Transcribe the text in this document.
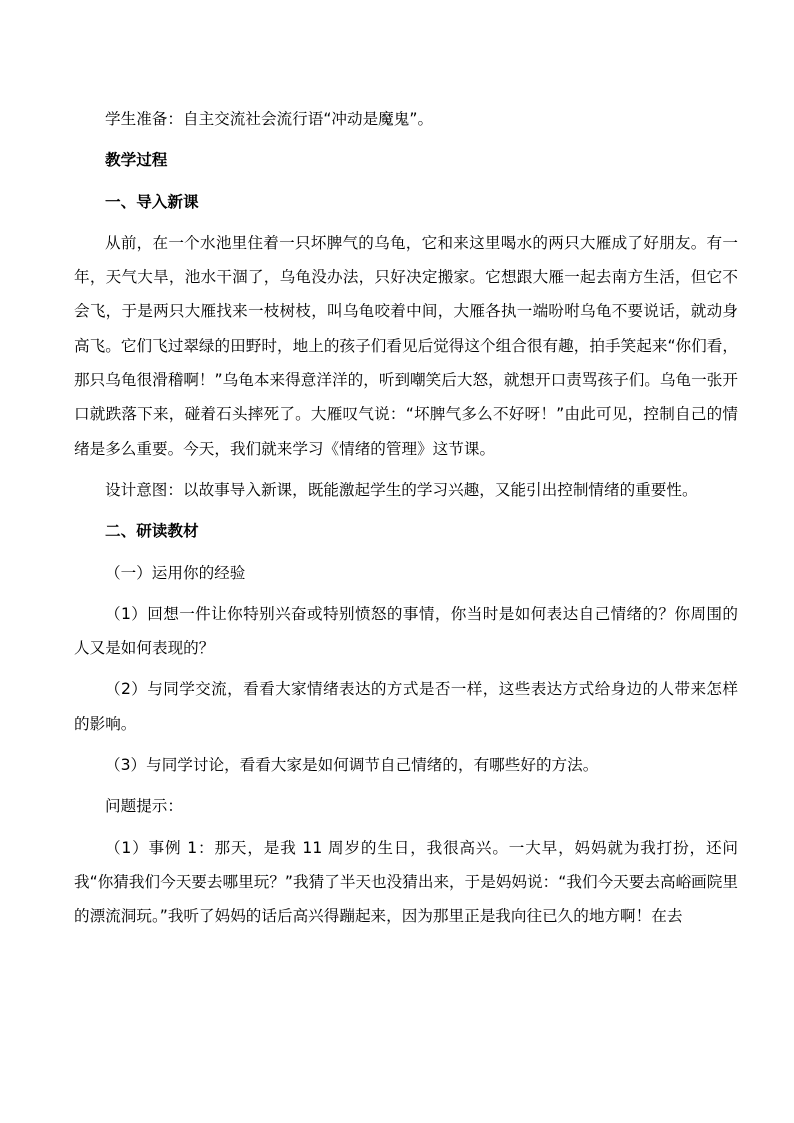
学生准备：自主交流社会流行语“冲动是魔鬼”。

教学过程

一、导入新课

从前，在一个水池里住着一只坏脾气的乌龟，它和来这里喝水的两只大雁成了好朋友。有一年，天气大旱，池水干涸了，乌龟没办法，只好决定搬家。它想跟大雁一起去南方生活，但它不会飞，于是两只大雁找来一枝树枝，叫乌龟咬着中间，大雁各执一端吩咐乌龟不要说话，就动身高飞。它们飞过翠绿的田野时，地上的孩子们看见后觉得这个组合很有趣，拍手笑起来“你们看，那只乌龟很滑稽啊！”乌龟本来得意洋洋的，听到嘲笑后大怒，就想开口责骂孩子们。乌龟一张开口就跌落下来，碰着石头摔死了。大雁叹气说：“坏脾气多么不好呀！”由此可见，控制自己的情绪是多么重要。今天，我们就来学习《情绪的管理》这节课。

设计意图：以故事导入新课，既能激起学生的学习兴趣，又能引出控制情绪的重要性。

二、研读教材

（一）运用你的经验

（1）回想一件让你特别兴奋或特别愤怒的事情，你当时是如何表达自己情绪的？你周围的人又是如何表现的？

（2）与同学交流，看看大家情绪表达的方式是否一样，这些表达方式给身边的人带来怎样的影响。

（3）与同学讨论，看看大家是如何调节自己情绪的，有哪些好的方法。

问题提示：

（1）事例 1：那天，是我 11 周岁的生日，我很高兴。一大早，妈妈就为我打扮，还问我“你猜我们今天要去哪里玩？”我猜了半天也没猜出来，于是妈妈说：“我们今天要去高峪画院里的漂流洞玩。”我听了妈妈的话后高兴得蹦起来，因为那里正是我向往已久的地方啊！在去
